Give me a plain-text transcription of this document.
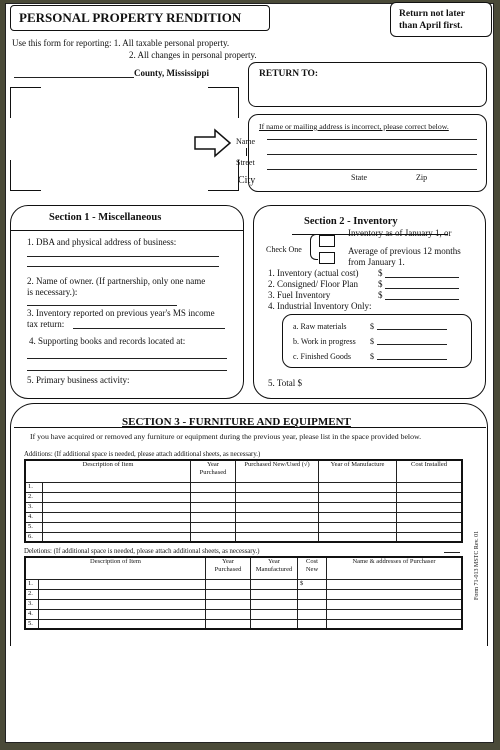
PERSONAL PROPERTY RENDITION	Return not later
than April first.
Use this form for reporting: 1. All taxable personal property.
2. All changes in personal property.
County, Mississippi	RETURN TO:
If name or mailing address is incorrect, please correct below.
State	Zip
Name
Street
City
Section 1 - Miscellaneous
1. DBA and physical address of business:
2. Name of owner. (If partnership, only one name
is necessary.):
3. Inventory reported on previous year's MS income
tax return:
4. Supporting books and records located at:
5. Primary business activity:
Section 2 - Inventory
Check One
Inventory as of January 1, or
Average of previous 12 months
from January 1.
1. Inventory (actual cost) $
2. Consigned/ Floor Plan $
3. Fuel Inventory	$
4. Industrial Inventory Only:
a. Raw materials	$
b. Work in progress $
c. Finished Goods $
5. Total $
SECTION 3 - FURNITURE AND EQUIPMENT
If you have acquired or removed any furniture or equipment during the previous year, please list in the space provided below.
Additions: (If additional space is needed, please attach additional sheets, as necessary.)
Description of Item		Year Purchased	Purchased New/Used (√)	Year of Manufacture	Cost Installed
1.					
2.					
3.					
4.					
5.					
6.					
Deletions: (If additional space is needed, please attach additional sheets, as necessary.)
Description of Item		Year Purchased	Year Manufactured	Cost New	Name & addresses of Purchaser
1.				$	
2.					
3.					
4.					
5.					
Form 71-013 MSTC Rev. 01
